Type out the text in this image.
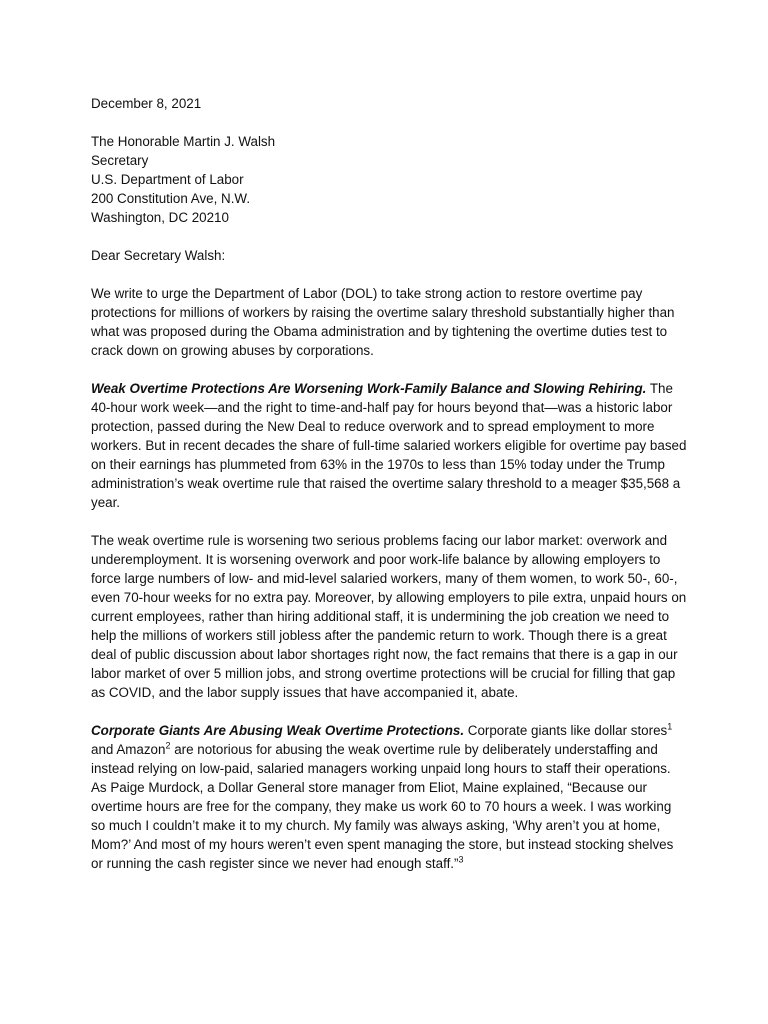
December 8, 2021

The Honorable Martin J. Walsh
Secretary
U.S. Department of Labor
200 Constitution Ave, N.W.
Washington, DC 20210

Dear Secretary Walsh:

We write to urge the Department of Labor (DOL) to take strong action to restore overtime pay protections for millions of workers by raising the overtime salary threshold substantially higher than what was proposed during the Obama administration and by tightening the overtime duties test to crack down on growing abuses by corporations.

Weak Overtime Protections Are Worsening Work-Family Balance and Slowing Rehiring. The 40-hour work week—and the right to time-and-half pay for hours beyond that—was a historic labor protection, passed during the New Deal to reduce overwork and to spread employment to more workers. But in recent decades the share of full-time salaried workers eligible for overtime pay based on their earnings has plummeted from 63% in the 1970s to less than 15% today under the Trump administration’s weak overtime rule that raised the overtime salary threshold to a meager $35,568 a year.

The weak overtime rule is worsening two serious problems facing our labor market: overwork and underemployment. It is worsening overwork and poor work-life balance by allowing employers to force large numbers of low- and mid-level salaried workers, many of them women, to work 50-, 60-, even 70-hour weeks for no extra pay. Moreover, by allowing employers to pile extra, unpaid hours on current employees, rather than hiring additional staff, it is undermining the job creation we need to help the millions of workers still jobless after the pandemic return to work. Though there is a great deal of public discussion about labor shortages right now, the fact remains that there is a gap in our labor market of over 5 million jobs, and strong overtime protections will be crucial for filling that gap as COVID, and the labor supply issues that have accompanied it, abate.

Corporate Giants Are Abusing Weak Overtime Protections. Corporate giants like dollar stores$^1$ and Amazon$^2$ are notorious for abusing the weak overtime rule by deliberately understaffing and instead relying on low-paid, salaried managers working unpaid long hours to staff their operations. As Paige Murdock, a Dollar General store manager from Eliot, Maine explained, “Because our overtime hours are free for the company, they make us work 60 to 70 hours a week. I was working so much I couldn’t make it to my church. My family was always asking, ‘Why aren’t you at home, Mom?’ And most of my hours weren’t even spent managing the store, but instead stocking shelves or running the cash register since we never had enough staff.”$^3$
